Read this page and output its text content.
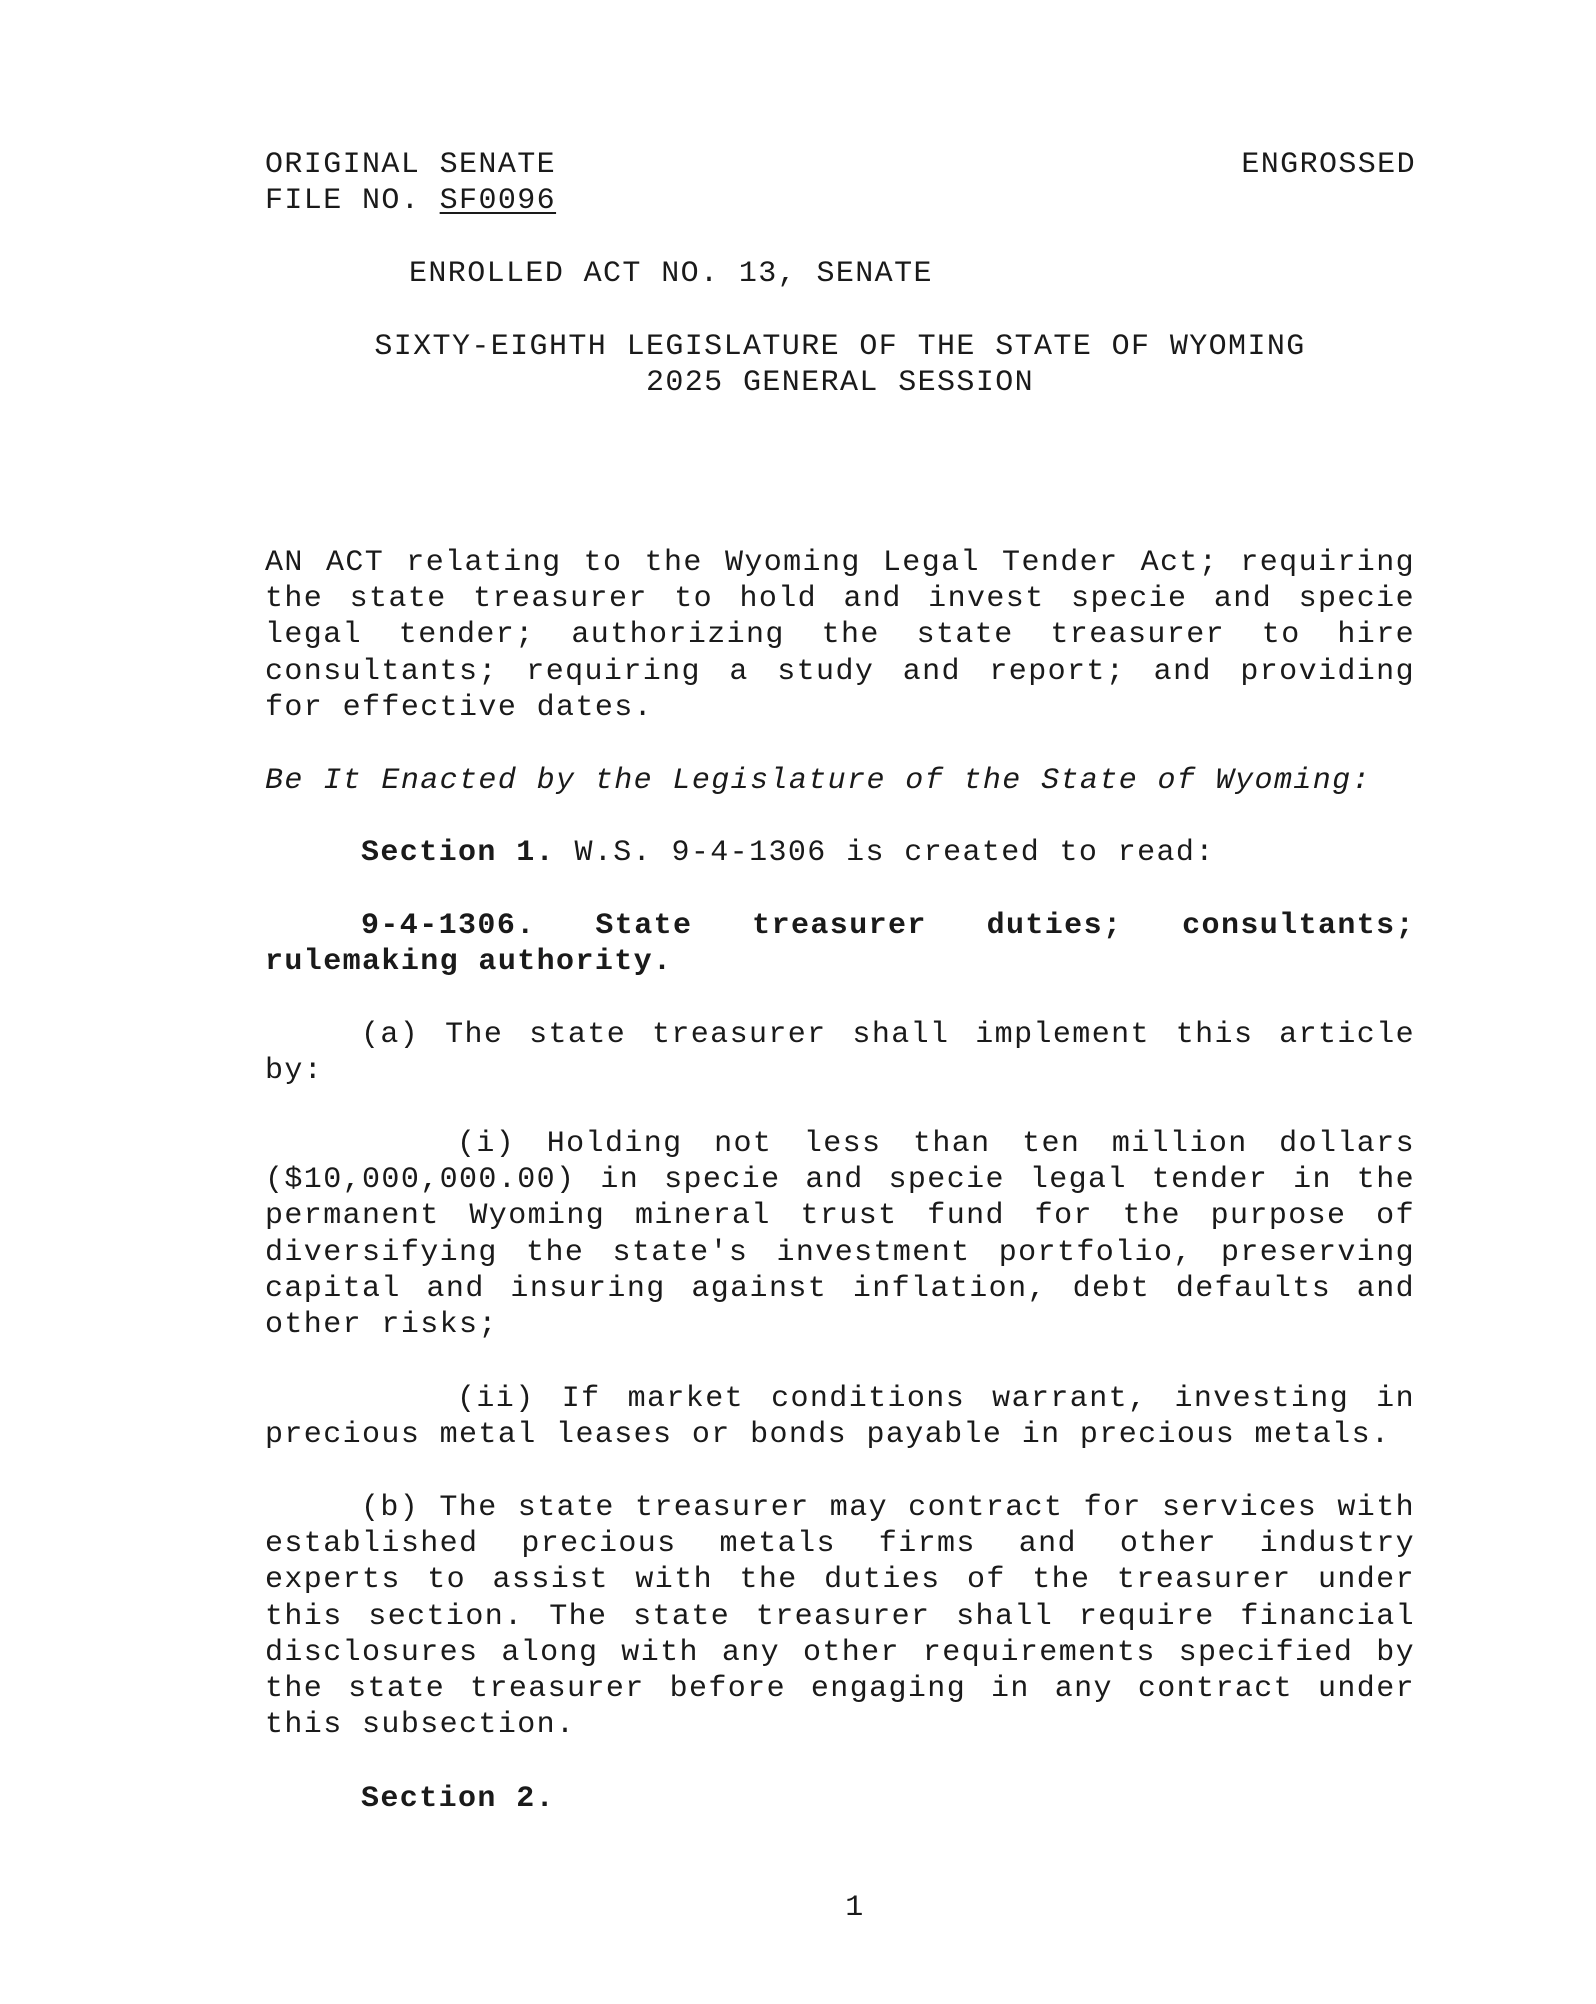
ORIGINAL SENATE

FILE NO. SF0096

ENGROSSED

ENROLLED ACT NO. 13, SENATE

SIXTY-EIGHTH LEGISLATURE OF THE STATE OF WYOMING

2025 GENERAL SESSION

AN ACT relating to the Wyoming Legal Tender Act; requiring the state treasurer to hold and invest specie and specie legal tender; authorizing the state treasurer to hire consultants; requiring a study and report; and providing for effective dates.

Be It Enacted by the Legislature of the State of Wyoming:

Section 1. W.S. 9-4-1306 is created to read:

9-4-1306. State treasurer duties; consultants; rulemaking authority.

(a) The state treasurer shall implement this article by:

(i) Holding not less than ten million dollars ($10,000,000.00) in specie and specie legal tender in the permanent Wyoming mineral trust fund for the purpose of diversifying the state's investment portfolio, preserving capital and insuring against inflation, debt defaults and other risks;

(ii) If market conditions warrant, investing in precious metal leases or bonds payable in precious metals.

(b) The state treasurer may contract for services with established precious metals firms and other industry experts to assist with the duties of the treasurer under this section. The state treasurer shall require financial disclosures along with any other requirements specified by the state treasurer before engaging in any contract under this subsection.

Section 2.

1
